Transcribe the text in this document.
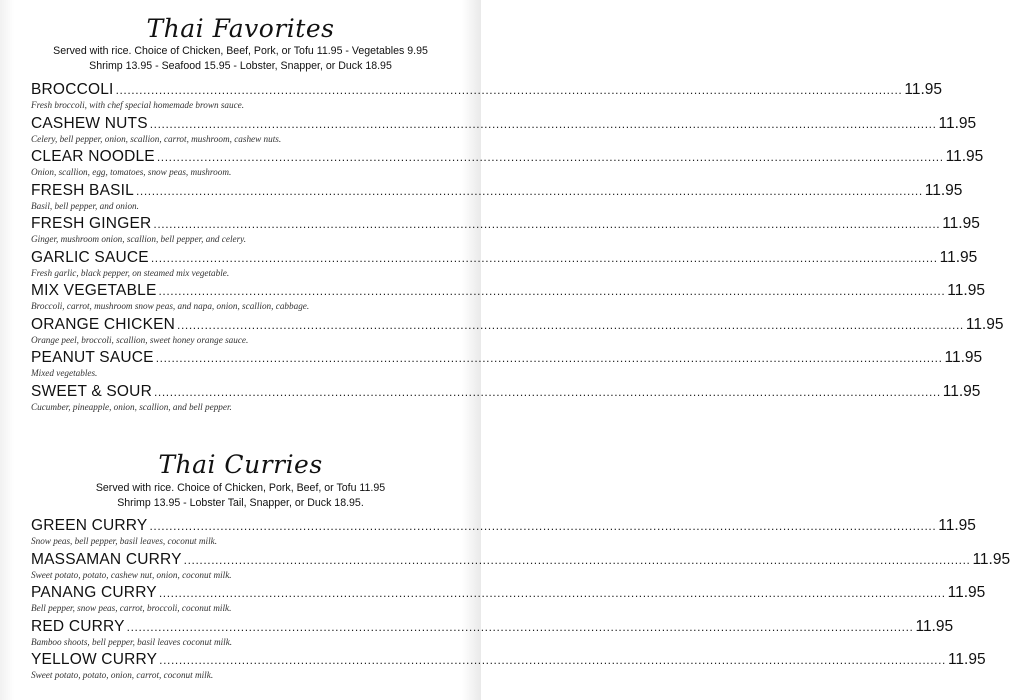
Thai Favorites
Served with rice. Choice of Chicken, Beef, Pork, or Tofu 11.95 - Vegetables 9.95
Shrimp 13.95 - Seafood 15.95 - Lobster, Snapper, or Duck 18.95
BROCCOLI ........................................................................................................................................................................................................ 11.95
Fresh broccoli, with chef special homemade brown sauce.
CASHEW NUTS ........................................................................................................................................................................................................ 11.95
Celery, bell pepper, onion, scallion, carrot, mushroom, cashew nuts.
CLEAR NOODLE ........................................................................................................................................................................................................ 11.95
Onion, scallion, egg, tomatoes, snow peas, mushroom.
FRESH BASIL ........................................................................................................................................................................................................ 11.95
Basil, bell pepper, and onion.
FRESH GINGER ........................................................................................................................................................................................................ 11.95
Ginger, mushroom onion, scallion, bell pepper, and celery.
GARLIC SAUCE ........................................................................................................................................................................................................ 11.95
Fresh garlic, black pepper, on steamed mix vegetable.
MIX VEGETABLE ........................................................................................................................................................................................................ 11.95
Broccoli, carrot, mushroom snow peas, and napa, onion, scallion, cabbage.
ORANGE CHICKEN ........................................................................................................................................................................................................ 11.95
Orange peel, broccoli, scallion, sweet honey orange sauce.
PEANUT SAUCE ........................................................................................................................................................................................................ 11.95
Mixed vegetables.
SWEET & SOUR ........................................................................................................................................................................................................ 11.95
Cucumber, pineapple, onion, scallion, and bell pepper.
Thai Curries
Served with rice. Choice of Chicken, Pork, Beef, or Tofu 11.95
Shrimp 13.95 - Lobster Tail, Snapper, or Duck 18.95.
GREEN CURRY ........................................................................................................................................................................................................ 11.95
Snow peas, bell pepper, basil leaves, coconut milk.
MASSAMAN CURRY ........................................................................................................................................................................................................ 11.95
Sweet potato, potato, cashew nut, onion, coconut milk.
PANANG CURRY ........................................................................................................................................................................................................ 11.95
Bell pepper, snow peas, carrot, broccoli, coconut milk.
RED CURRY ........................................................................................................................................................................................................ 11.95
Bamboo shoots, bell pepper, basil leaves coconut milk.
YELLOW CURRY ........................................................................................................................................................................................................ 11.95
Sweet potato, potato, onion, carrot, coconut milk.
